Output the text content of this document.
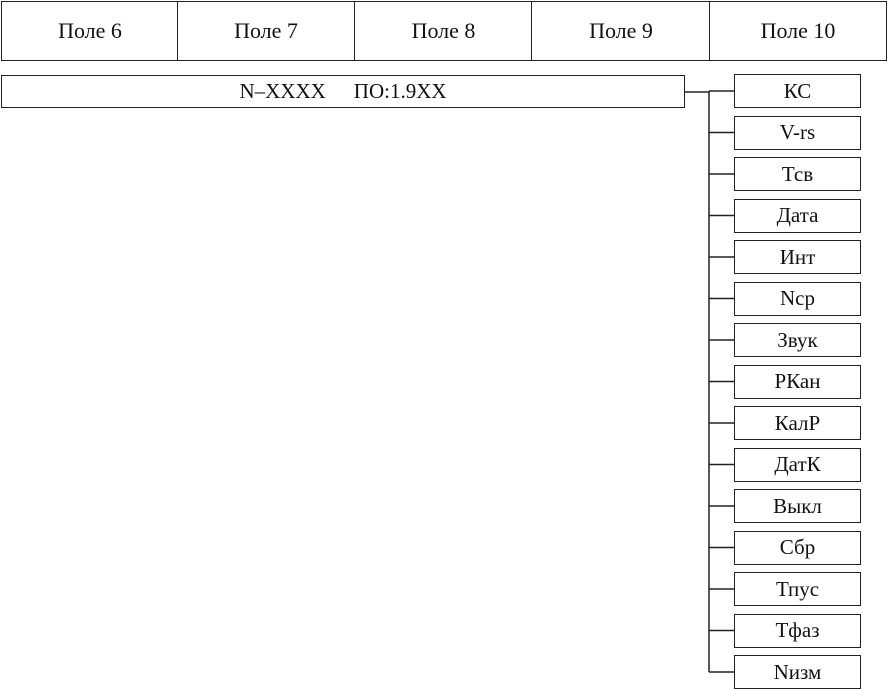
Поле 6	Поле 7	Поле 8	Поле 9	Поле 10
N–XXXX ПО:1.9XX	КС
V-rs
Тсв
Дата
Инт
Nср
Звук
РКан
КалР
ДатК
Выкл
Сбр
Тпус
Тфаз
Nизм
